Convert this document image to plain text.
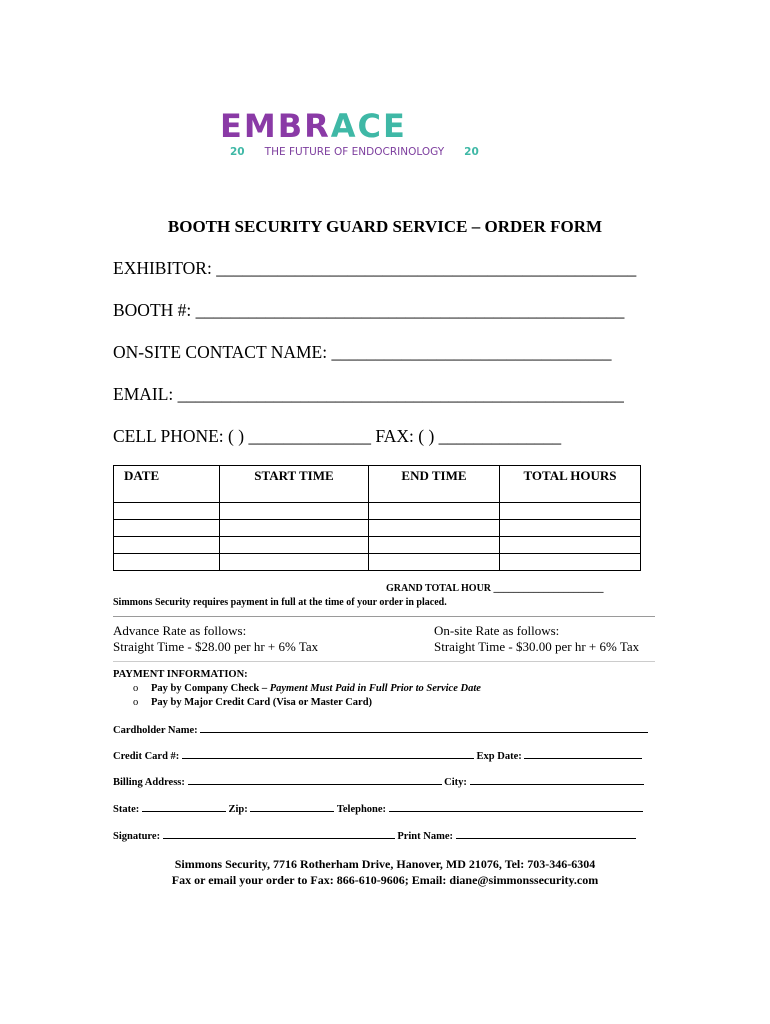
EMBRACE
20 THE FUTURE OF ENDOCRINOLOGY 20
BOOTH SECURITY GUARD SERVICE – ORDER FORM
EXHIBITOR: ________________________________________________
BOOTH #: _________________________________________________
ON-SITE CONTACT NAME: ________________________________
EMAIL: ___________________________________________________
CELL PHONE: ( ) ______________ FAX: ( ) ______________
DATE	START TIME	END TIME	TOTAL HOURS

GRAND TOTAL HOUR ______________________
Simmons Security requires payment in full at the time of your order in placed.
Advance Rate as follows:
Straight Time - $28.00 per hr + 6% Tax
On-site Rate as follows:
Straight Time - $30.00 per hr + 6% Tax
PAYMENT INFORMATION:
o Pay by Company Check – Payment Must Paid in Full Prior to Service Date
o Pay by Major Credit Card (Visa or Master Card)
Cardholder Name:
Credit Card #:	Exp Date:
Billing Address:	City:
State:	Zip:	Telephone:
Signature:	Print Name:
Simmons Security, 7716 Rotherham Drive, Hanover, MD 21076, Tel: 703-346-6304
Fax or email your order to Fax: 866-610-9606; Email: diane@simmonssecurity.com
